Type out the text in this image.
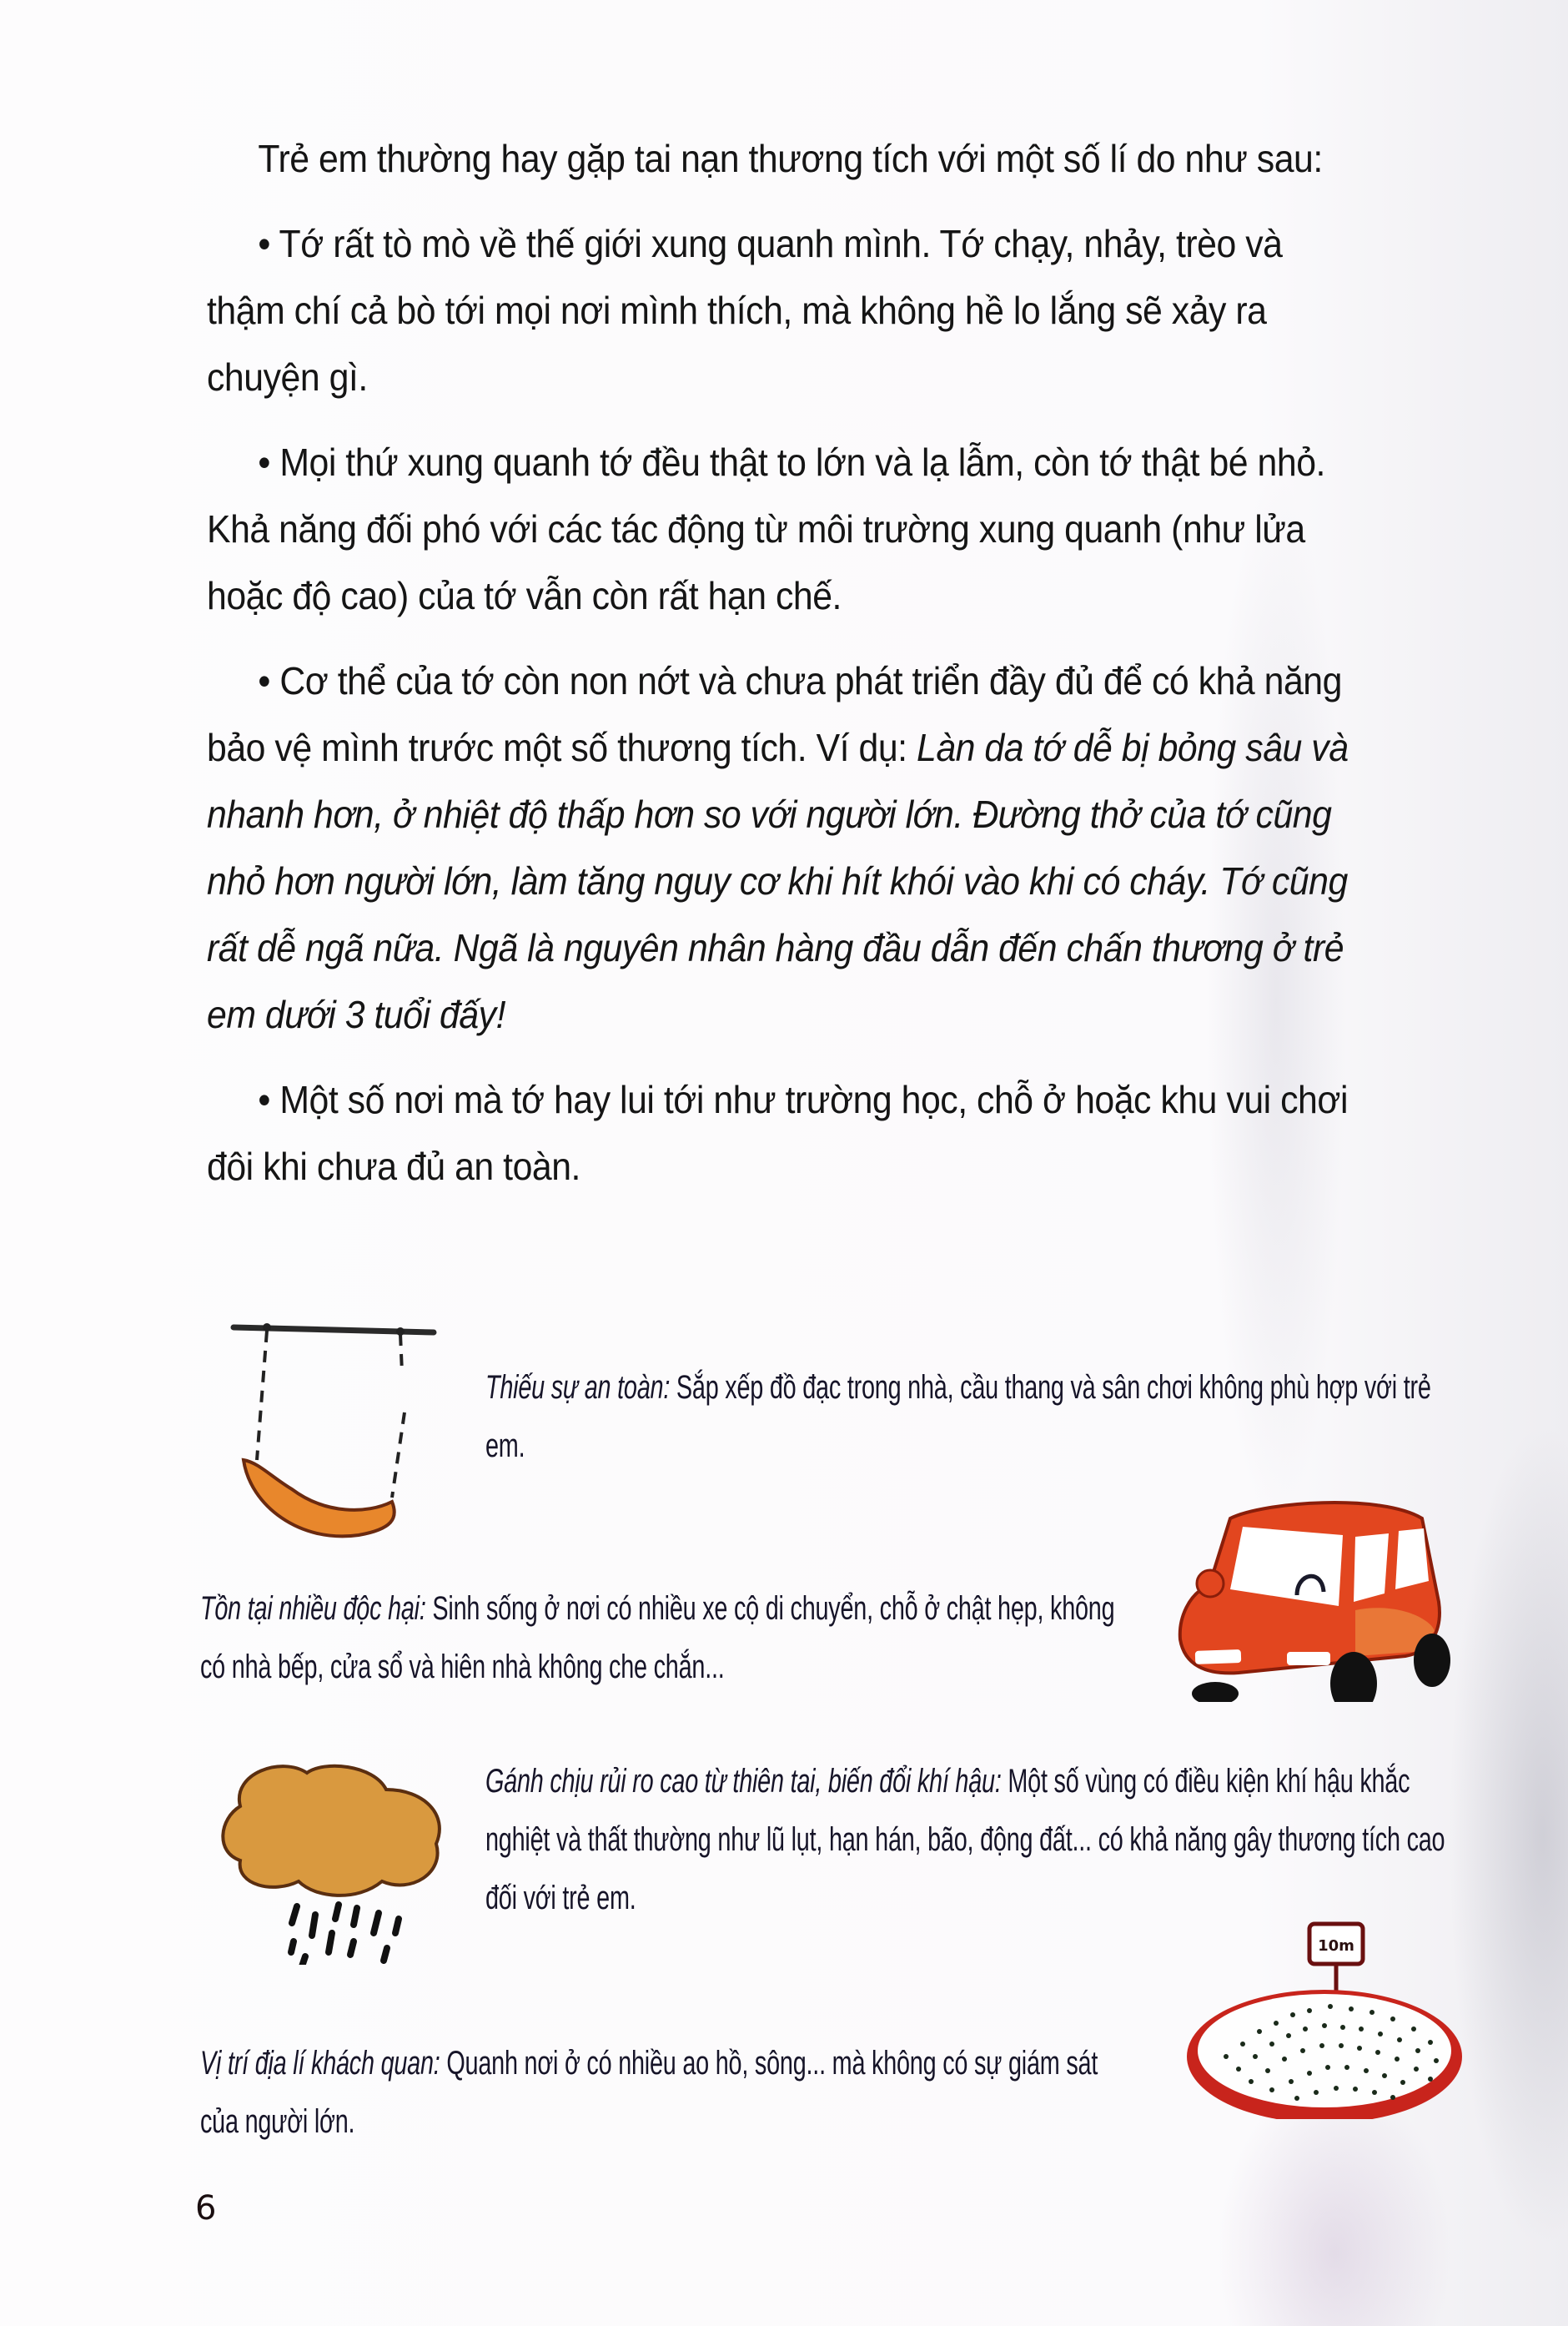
Trẻ em thường hay gặp tai nạn thương tích với một số lí do như sau:

• Tớ rất tò mò về thế giới xung quanh mình. Tớ chạy, nhảy, trèo và thậm chí cả bò tới mọi nơi mình thích, mà không hề lo lắng sẽ xảy ra chuyện gì.

• Mọi thứ xung quanh tớ đều thật to lớn và lạ lẫm, còn tớ thật bé nhỏ. Khả năng đối phó với các tác động từ môi trường xung quanh (như lửa hoặc độ cao) của tớ vẫn còn rất hạn chế.

• Cơ thể của tớ còn non nớt và chưa phát triển đầy đủ để có khả năng bảo vệ mình trước một số thương tích. Ví dụ: Làn da tớ dễ bị bỏng sâu và nhanh hơn, ở nhiệt độ thấp hơn so với người lớn. Đường thở của tớ cũng nhỏ hơn người lớn, làm tăng nguy cơ khi hít khói vào khi có cháy. Tớ cũng rất dễ ngã nữa. Ngã là nguyên nhân hàng đầu dẫn đến chấn thương ở trẻ em dưới 3 tuổi đấy!

• Một số nơi mà tớ hay lui tới như trường học, chỗ ở hoặc khu vui chơi đôi khi chưa đủ an toàn.

Thiếu sự an toàn: Sắp xếp đồ đạc trong nhà, cầu thang và sân chơi không phù hợp với trẻ em.
Tồn tại nhiều độc hại: Sinh sống ở nơi có nhiều xe cộ di chuyển, chỗ ở chật hẹp, không có nhà bếp, cửa sổ và hiên nhà không che chắn...
Gánh chịu rủi ro cao từ thiên tai, biến đổi khí hậu: Một số vùng có điều kiện khí hậu khắc nghiệt và thất thường như lũ lụt, hạn hán, bão, động đất... có khả năng gây thương tích cao đối với trẻ em.
10m
Vị trí địa lí khách quan: Quanh nơi ở có nhiều ao hồ, sông... mà không có sự giám sát của người lớn.
6
